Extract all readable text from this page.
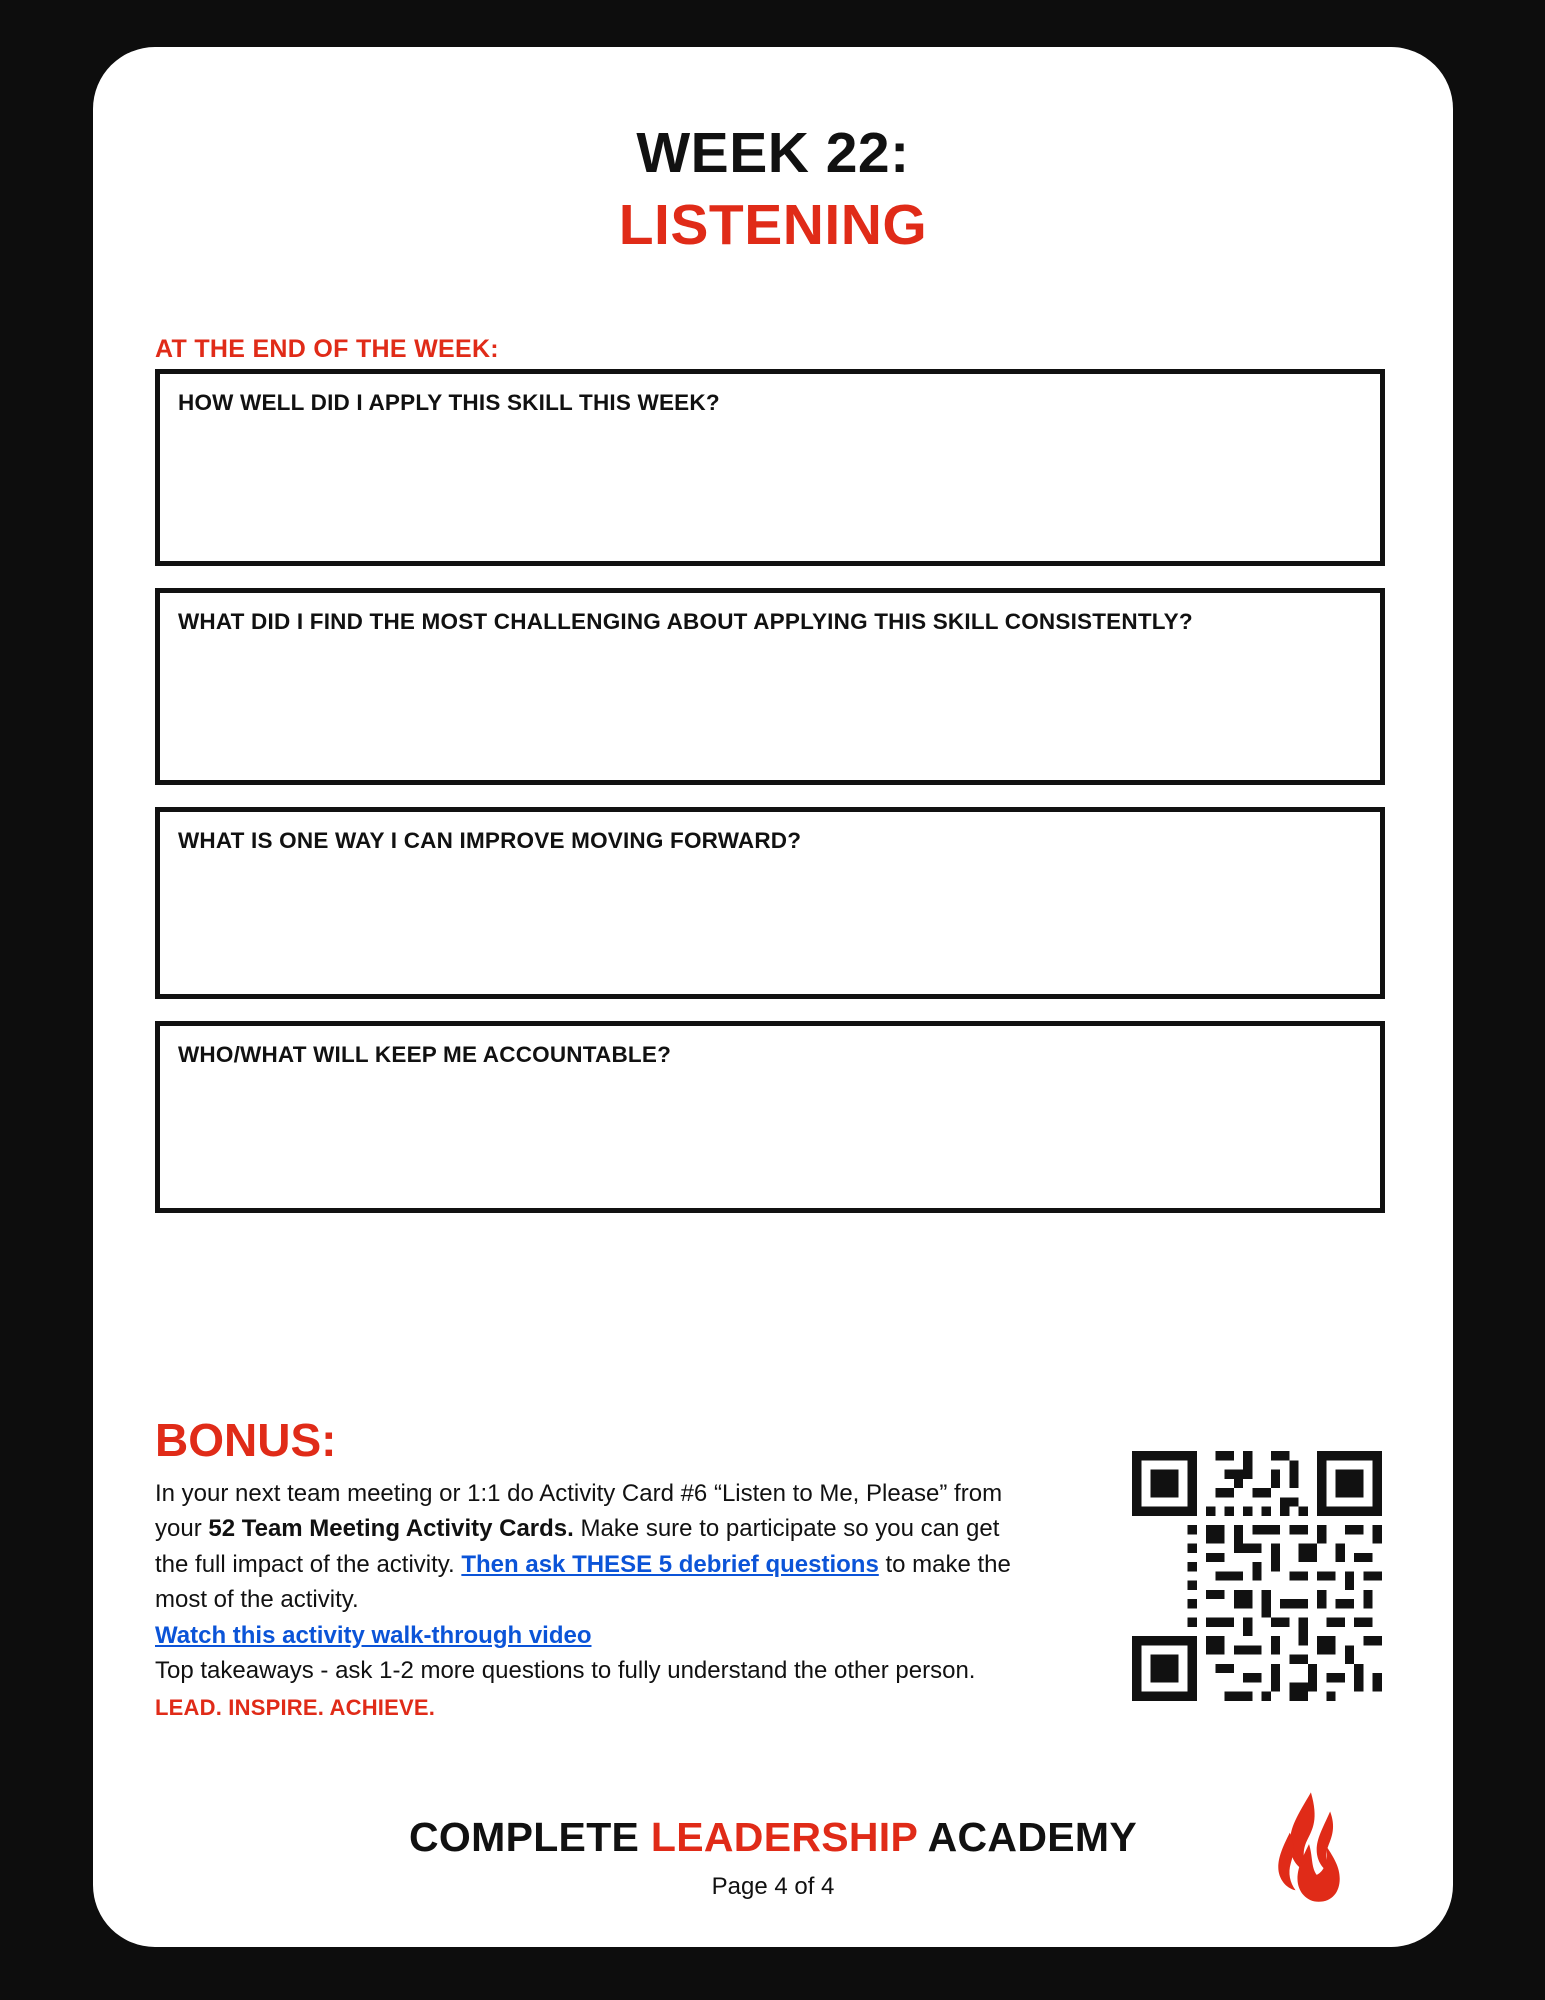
WEEK 22:
LISTENING
AT THE END OF THE WEEK:
HOW WELL DID I APPLY THIS SKILL THIS WEEK?
WHAT DID I FIND THE MOST CHALLENGING ABOUT APPLYING THIS SKILL CONSISTENTLY?
WHAT IS ONE WAY I CAN IMPROVE MOVING FORWARD?
WHO/WHAT WILL KEEP ME ACCOUNTABLE?
BONUS:
In your next team meeting or 1:1 do Activity Card #6 “Listen to Me, Please” from your 52 Team Meeting Activity Cards. Make sure to participate so you can get the full impact of the activity. Then ask THESE 5 debrief questions to make the most of the activity.
Watch this activity walk-through video
Top takeaways - ask 1-2 more questions to fully understand the other person.
LEAD. INSPIRE. ACHIEVE.
COMPLETE LEADERSHIP ACADEMY
Page 4 of 4
